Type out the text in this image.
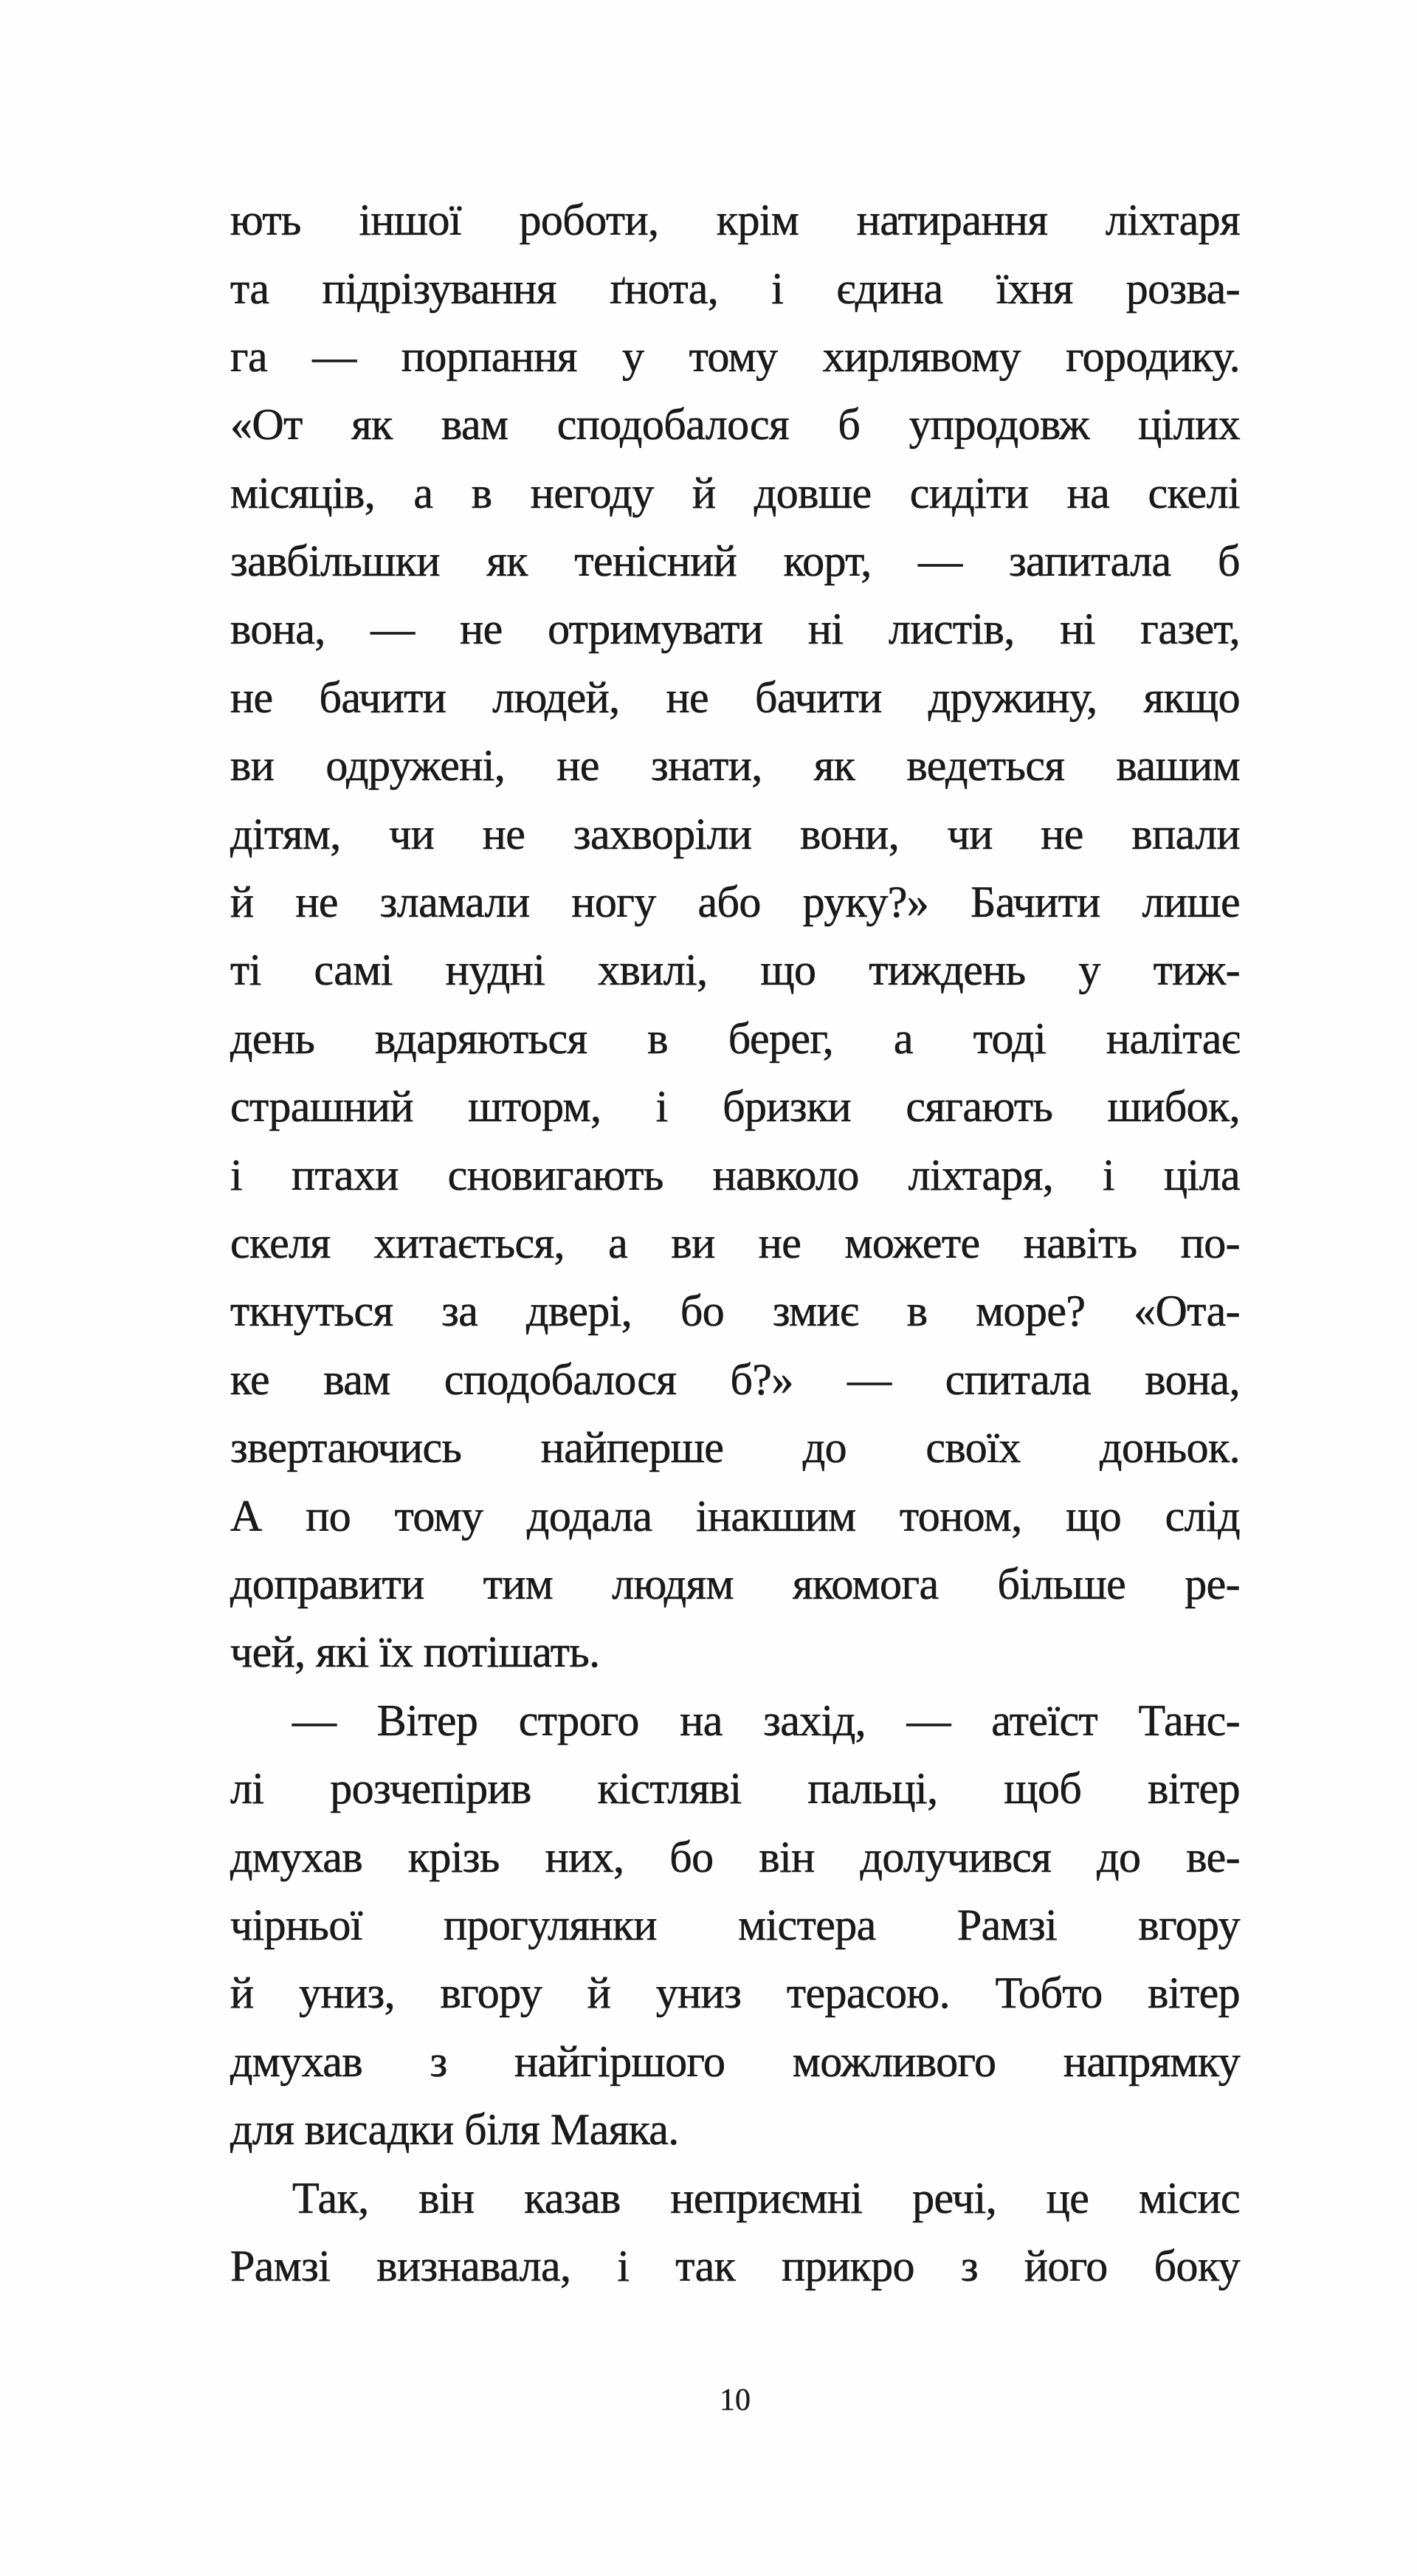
ють іншої роботи, крім натирання ліхтаря
та підрізування ґнота, і єдина їхня розва-
га — порпання у тому хирлявому городику.
«От як вам сподобалося б упродовж цілих
місяців, а в негоду й довше сидіти на скелі
завбільшки як тенісний корт, — запитала б
вона, — не отримувати ні листів, ні газет,
не бачити людей, не бачити дружину, якщо
ви одружені, не знати, як ведеться вашим
дітям, чи не захворіли вони, чи не впали
й не зламали ногу або руку?» Бачити лише
ті самі нудні хвилі, що тиждень у тиж-
день вдаряються в берег, а тоді налітає
страшний шторм, і бризки сягають шибок,
і птахи сновигають навколо ліхтаря, і ціла
скеля хитається, а ви не можете навіть по-
ткнуться за двері, бо змиє в море? «Ота-
ке вам сподобалося б?» — спитала вона,
звертаючись найперше до своїх доньок.
А по тому додала інакшим тоном, що слід
доправити тим людям якомога більше ре-
чей, які їх потішать.
— Вітер строго на захід, — атеїст Танс-
лі розчепірив кістляві пальці, щоб вітер
дмухав крізь них, бо він долучився до ве-
чірньої прогулянки містера Рамзі вгору
й униз, вгору й униз терасою. Тобто вітер
дмухав з найгіршого можливого напрямку
для висадки біля Маяка.
Так, він казав неприємні речі, це місис
Рамзі визнавала, і так прикро з його боку
10
